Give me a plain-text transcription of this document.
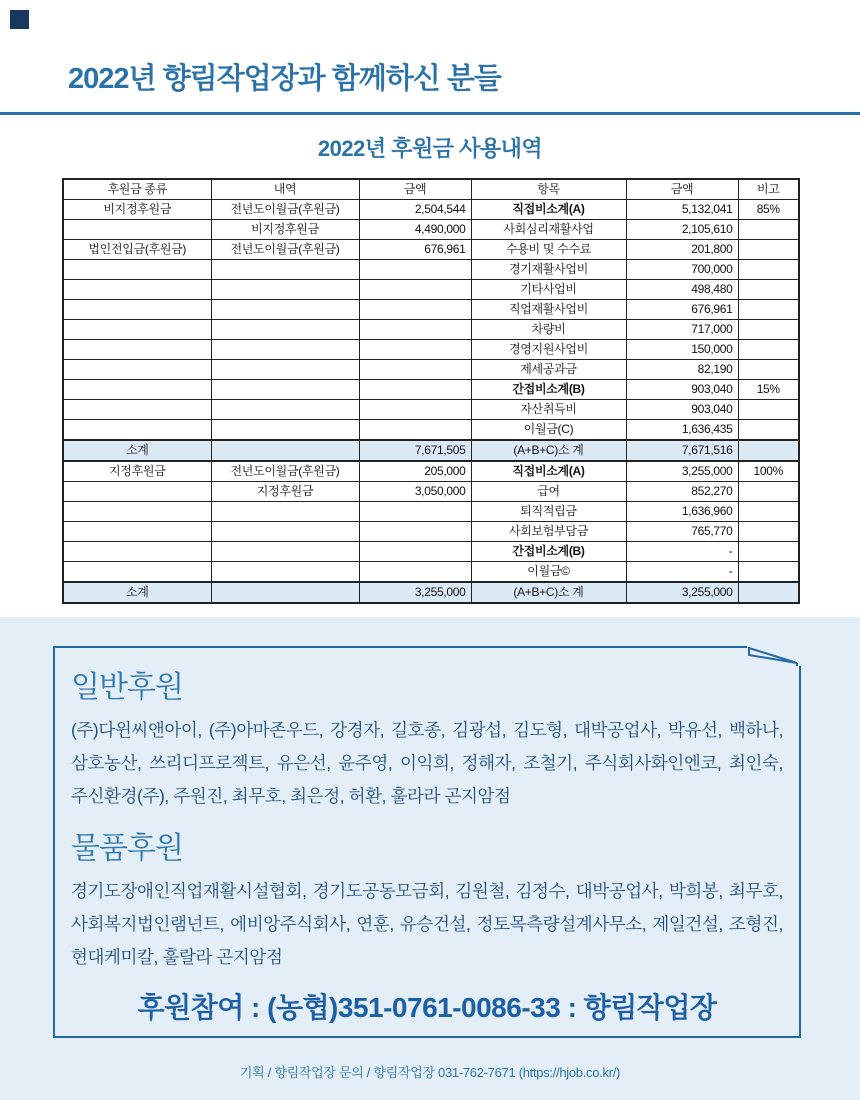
2022년 향림작업장과 함께하신 분들
2022년 후원금 사용내역
후원금 종류	내역	금액	항목	금액	비고
비지정후원금	전년도이월금(후원금)	2,504,544	직접비소계(A)	5,132,041	85%
	비지정후원금	4,490,000	사회심리재활사업	2,105,610	
법인전입금(후원금)	전년도이월금(후원금)	676,961	수용비 및 수수료	201,800	
			경기재활사업비	700,000	
			기타사업비	498,480	
			직업재활사업비	676,961	
			차량비	717,000	
			경영지원사업비	150,000	
			제세공과금	82,190	
			간접비소계(B)	903,040	15%
			자산취득비	903,040	
			이월금(C)	1,636,435	
소계		7,671,505	(A+B+C)소 계	7,671,516	
지정후원금	전년도이월금(후원금)	205,000	직접비소계(A)	3,255,000	100%
	지정후원금	3,050,000	급여	852,270	
			퇴직적립금	1,636,960	
			사회보험부담금	765,770	
			간접비소계(B)	-	
			이월금©	-	
소계		3,255,000	(A+B+C)소 계	3,255,000	
일반후원

(주)다윈씨앤아이, (주)아마존우드, 강경자, 길호종, 김광섭, 김도형, 대박공업사, 박유선, 백하나, 삼호농산, 쓰리디프로젝트, 유은선, 윤주영, 이익희, 정해자, 조철기, 주식회사화인엔코, 최인숙, 주신환경(주), 주원진, 최무호, 최은정, 허환, 훌라라 곤지암점

물품후원

경기도장애인직업재활시설협회, 경기도공동모금회, 김원철, 김정수, 대박공업사, 박희봉, 최무호, 사회복지법인램넌트, 에비앙주식회사, 연훈, 유승건설, 정토목측량설계사무소, 제일건설, 조형진, 현대케미칼, 훌랄라 곤지암점

후원참여 : (농협)351-0761-0086-33 : 향림작업장
기획 / 향림작업장 문의 / 향림작업장 031-762-7671 (https://hjob.co.kr/)
